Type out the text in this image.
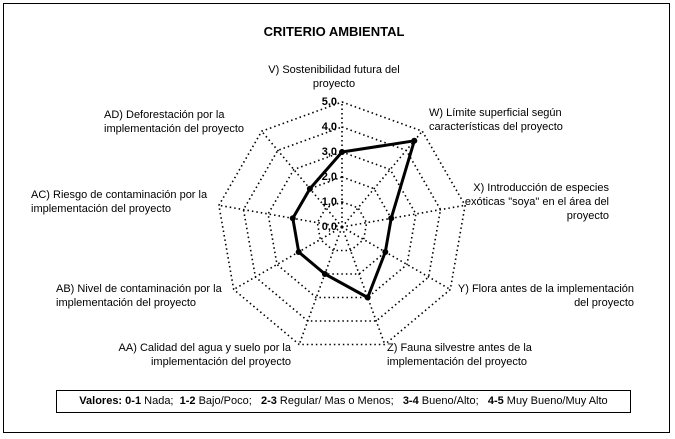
CRITERIO AMBIENTAL
0,0
1,0
2,0
3,0
4,0
5,0
V) Sostenibilidad futura del proyecto
W) Límite superficial según características del proyecto
X) Introducción de especies exóticas "soya" en el área del proyecto
Y) Flora antes de la implementación del proyecto
Z) Fauna silvestre antes de la implementación del proyecto
AA) Calidad del agua y suelo por la implementación del proyecto
AB) Nivel de contaminación por la implementación del proyecto
AC) Riesgo de contaminación por la implementación del proyecto
AD) Deforestación por la implementación del proyecto
Valores: 0-1 Nada;  1-2 Bajo/Poco;   2-3 Regular/ Mas o Menos;   3-4 Bueno/Alto;   4-5 Muy Bueno/Muy Alto
